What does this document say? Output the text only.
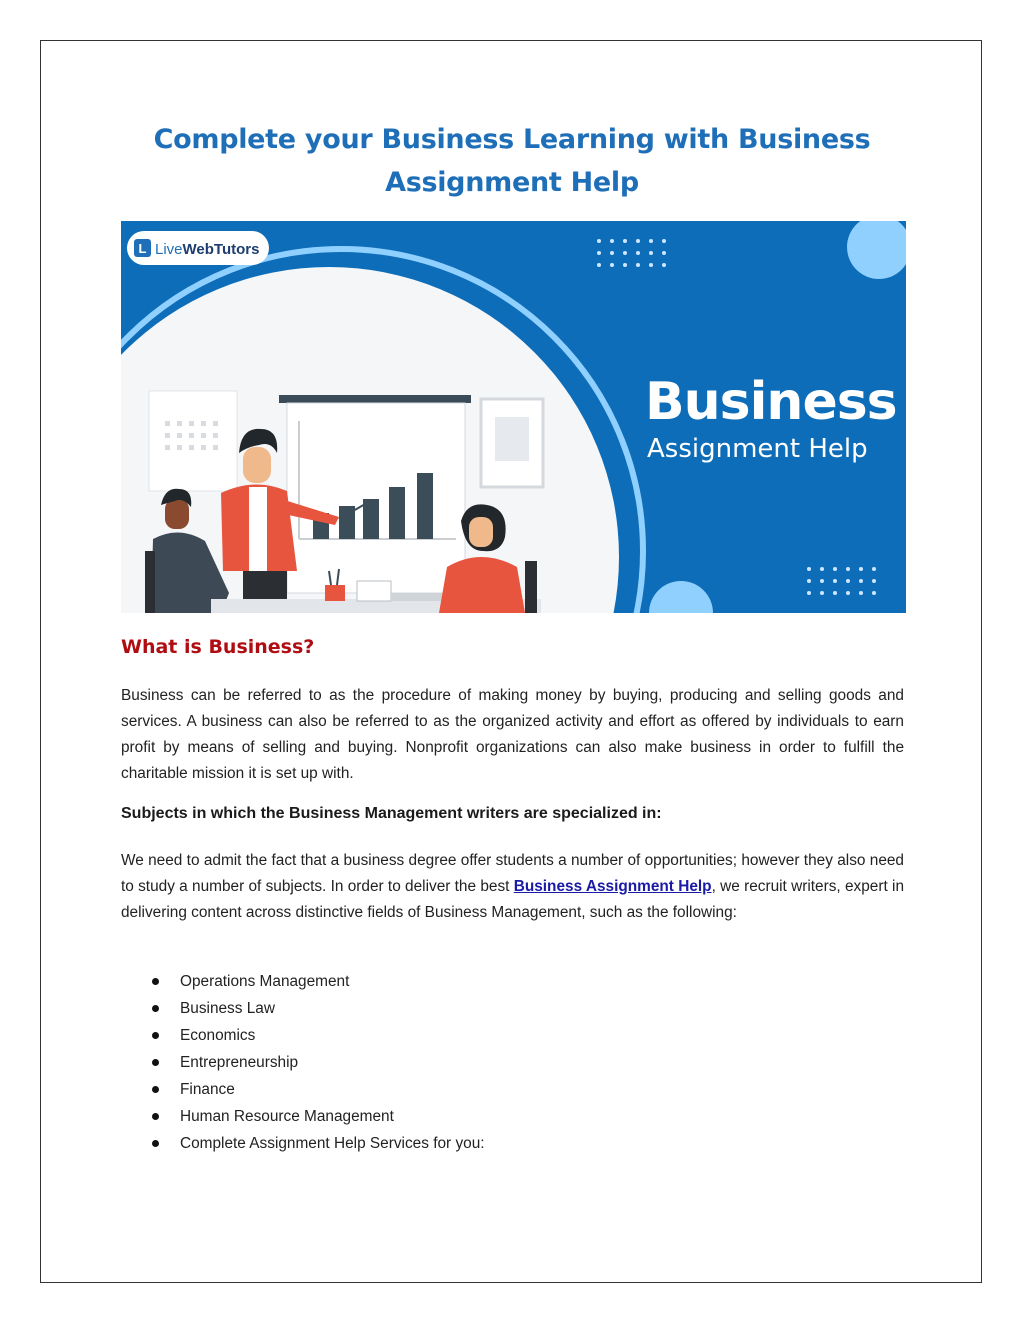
Complete your Business Learning with Business Assignment Help
L LiveWebTutors
Business
Assignment Help
What is Business?

Business can be referred to as the procedure of making money by buying, producing and selling goods and services. A business can also be referred to as the organized activity and effort as offered by individuals to earn profit by means of selling and buying. Nonprofit organizations can also make business in order to fulfill the charitable mission it is set up with.

Subjects in which the Business Management writers are specialized in:

We need to admit the fact that a business degree offer students a number of opportunities; however they also need to study a number of subjects. In order to deliver the best Business Assignment Help, we recruit writers, expert in delivering content across distinctive fields of Business Management, such as the following:

Operations Management
Business Law
Economics
Entrepreneurship
Finance
Human Resource Management
Complete Assignment Help Services for you:
